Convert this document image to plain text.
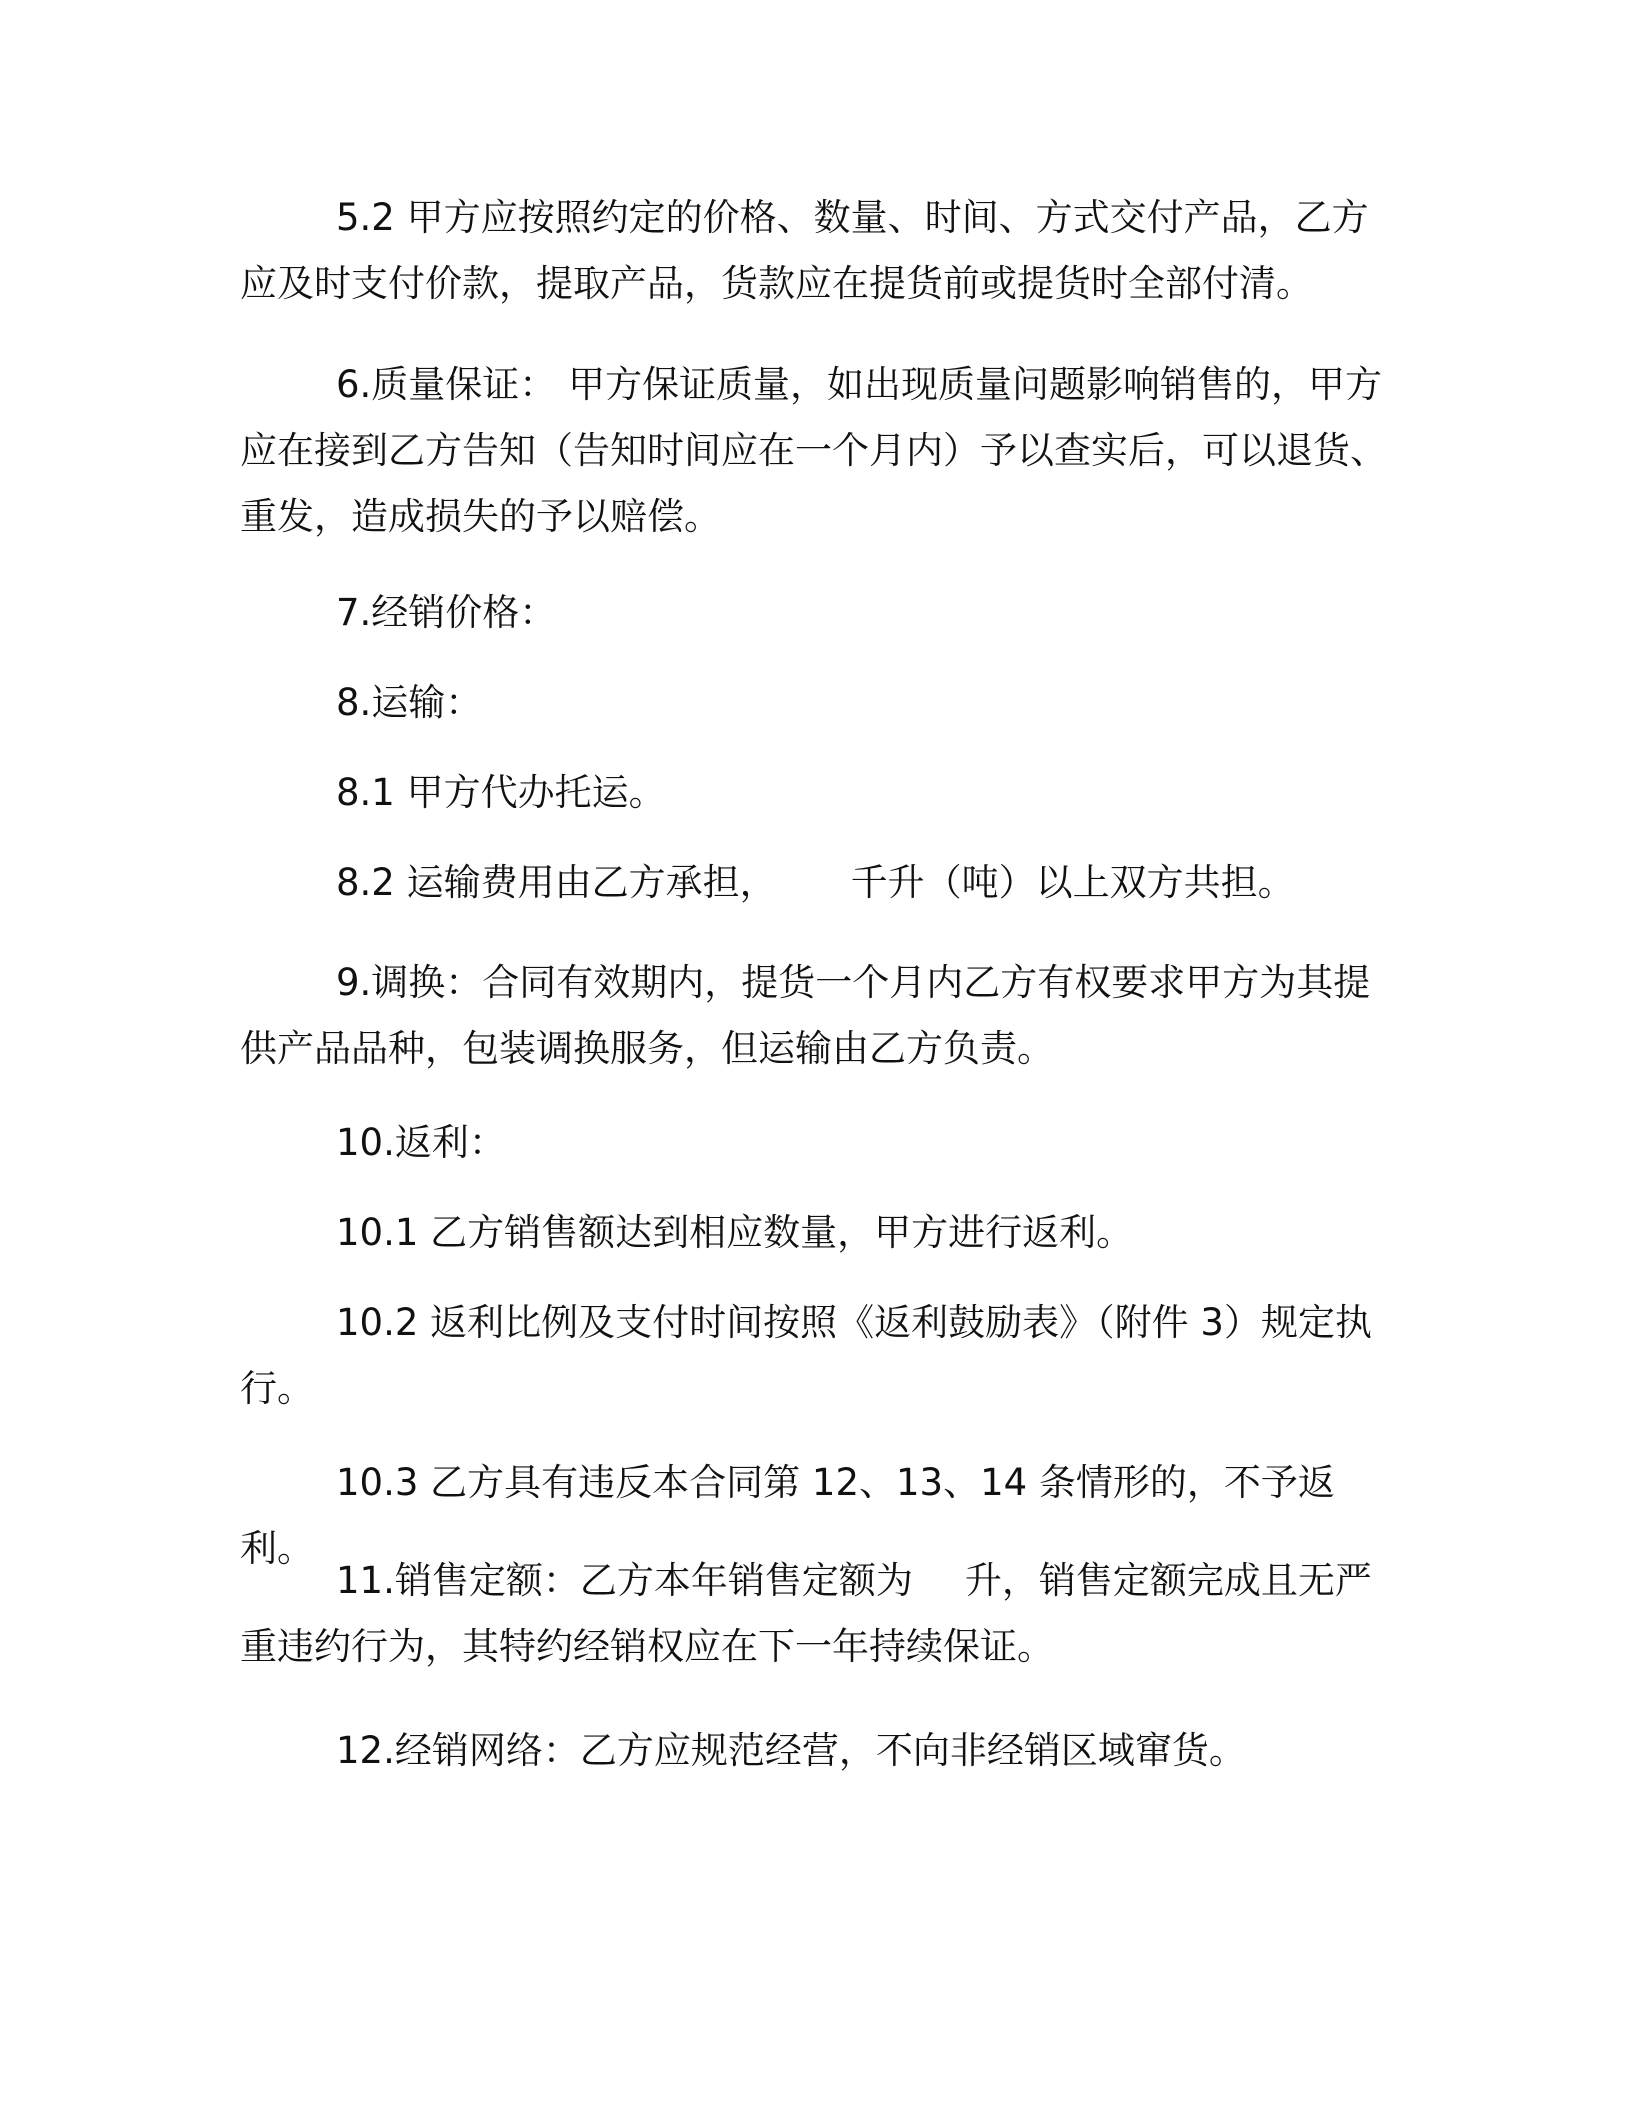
5.2 甲方应按照约定的价格、数量、时间、方式交付产品，乙方应及时支付价款，提取产品，货款应在提货前或提货时全部付清。

6.质量保证： 甲方保证质量，如出现质量问题影响销售的，甲方应在接到乙方告知（告知时间应在一个月内）予以查实后，可以退货、重发，造成损失的予以赔偿。

7.经销价格：

8.运输：

8.1 甲方代办托运。

8.2 运输费用由乙方承担， 千升（吨）以上双方共担。

9.调换：合同有效期内，提货一个月内乙方有权要求甲方为其提供产品品种，包装调换服务，但运输由乙方负责。

10.返利：

10.1 乙方销售额达到相应数量，甲方进行返利。

10.2 返利比例及支付时间按照《返利鼓励表》（附件 3）规定执行。

10.3 乙方具有违反本合同第 12、13、14 条情形的，不予返利。

11.销售定额：乙方本年销售定额为 升，销售定额完成且无严重违约行为，其特约经销权应在下一年持续保证。

12.经销网络：乙方应规范经营，不向非经销区域窜货。
